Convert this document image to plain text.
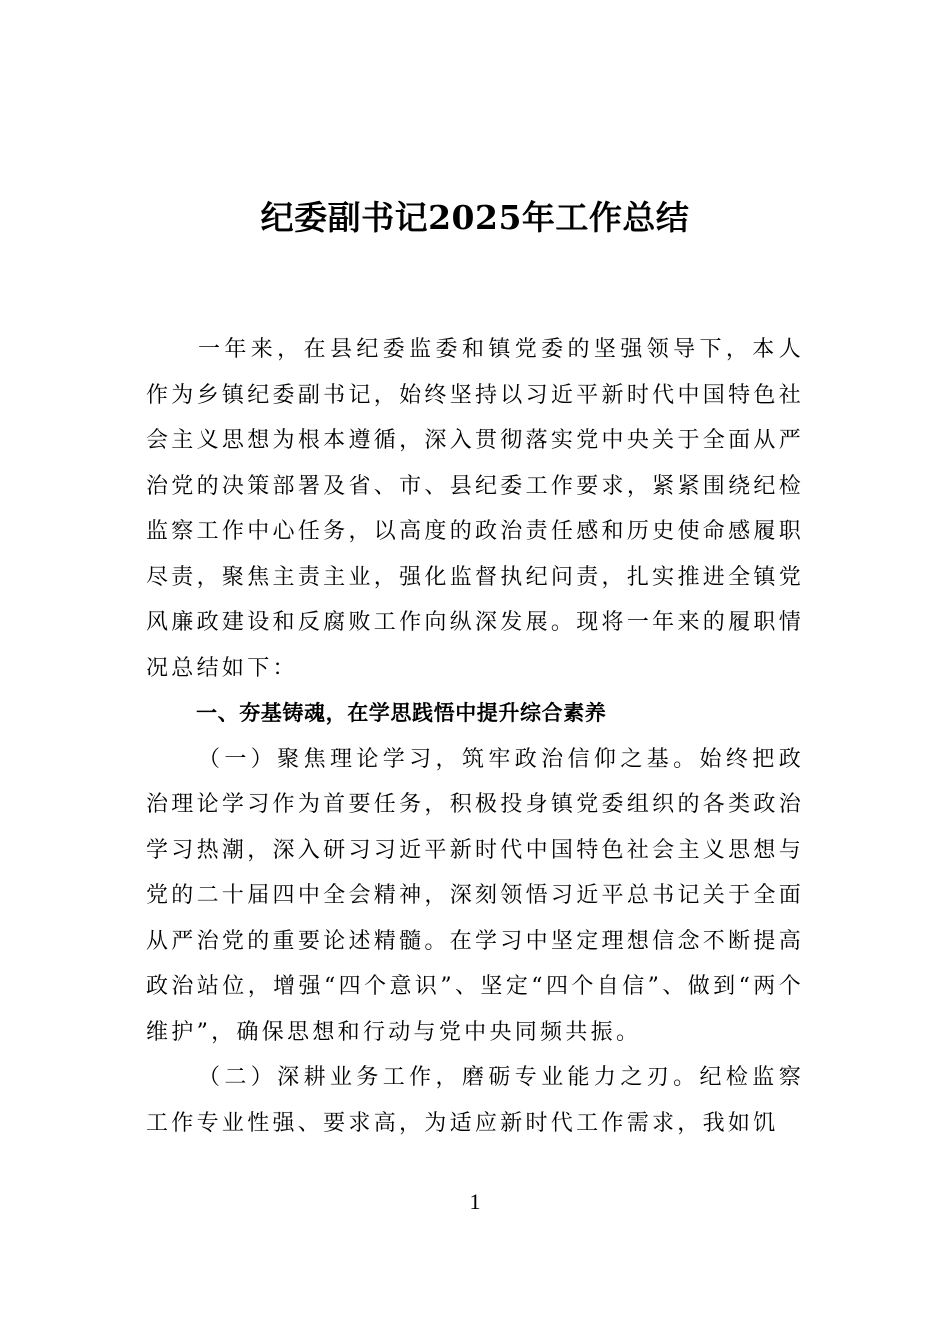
纪委副书记2025年工作总结

一年来，在县纪委监委和镇党委的坚强领导下，本人作为乡镇纪委副书记，始终坚持以习近平新时代中国特色社会主义思想为根本遵循，深入贯彻落实党中央关于全面从严治党的决策部署及省、市、县纪委工作要求，紧紧围绕纪检监察工作中心任务，以高度的政治责任感和历史使命感履职尽责，聚焦主责主业，强化监督执纪问责，扎实推进全镇党风廉政建设和反腐败工作向纵深发展。现将一年来的履职情况总结如下：

一、夯基铸魂，在学思践悟中提升综合素养

（一）聚焦理论学习，筑牢政治信仰之基。始终把政治理论学习作为首要任务，积极投身镇党委组织的各类政治学习热潮，深入研习习近平新时代中国特色社会主义思想与党的二十届四中全会精神，深刻领悟习近平总书记关于全面从严治党的重要论述精髓。在学习中坚定理想信念不断提高政治站位，增强“四个意识”、坚定“四个自信”、做到“两个维护”，确保思想和行动与党中央同频共振。

（二）深耕业务工作，磨砺专业能力之刃。纪检监察工作专业性强、要求高，为适应新时代工作需求，我如饥

1
